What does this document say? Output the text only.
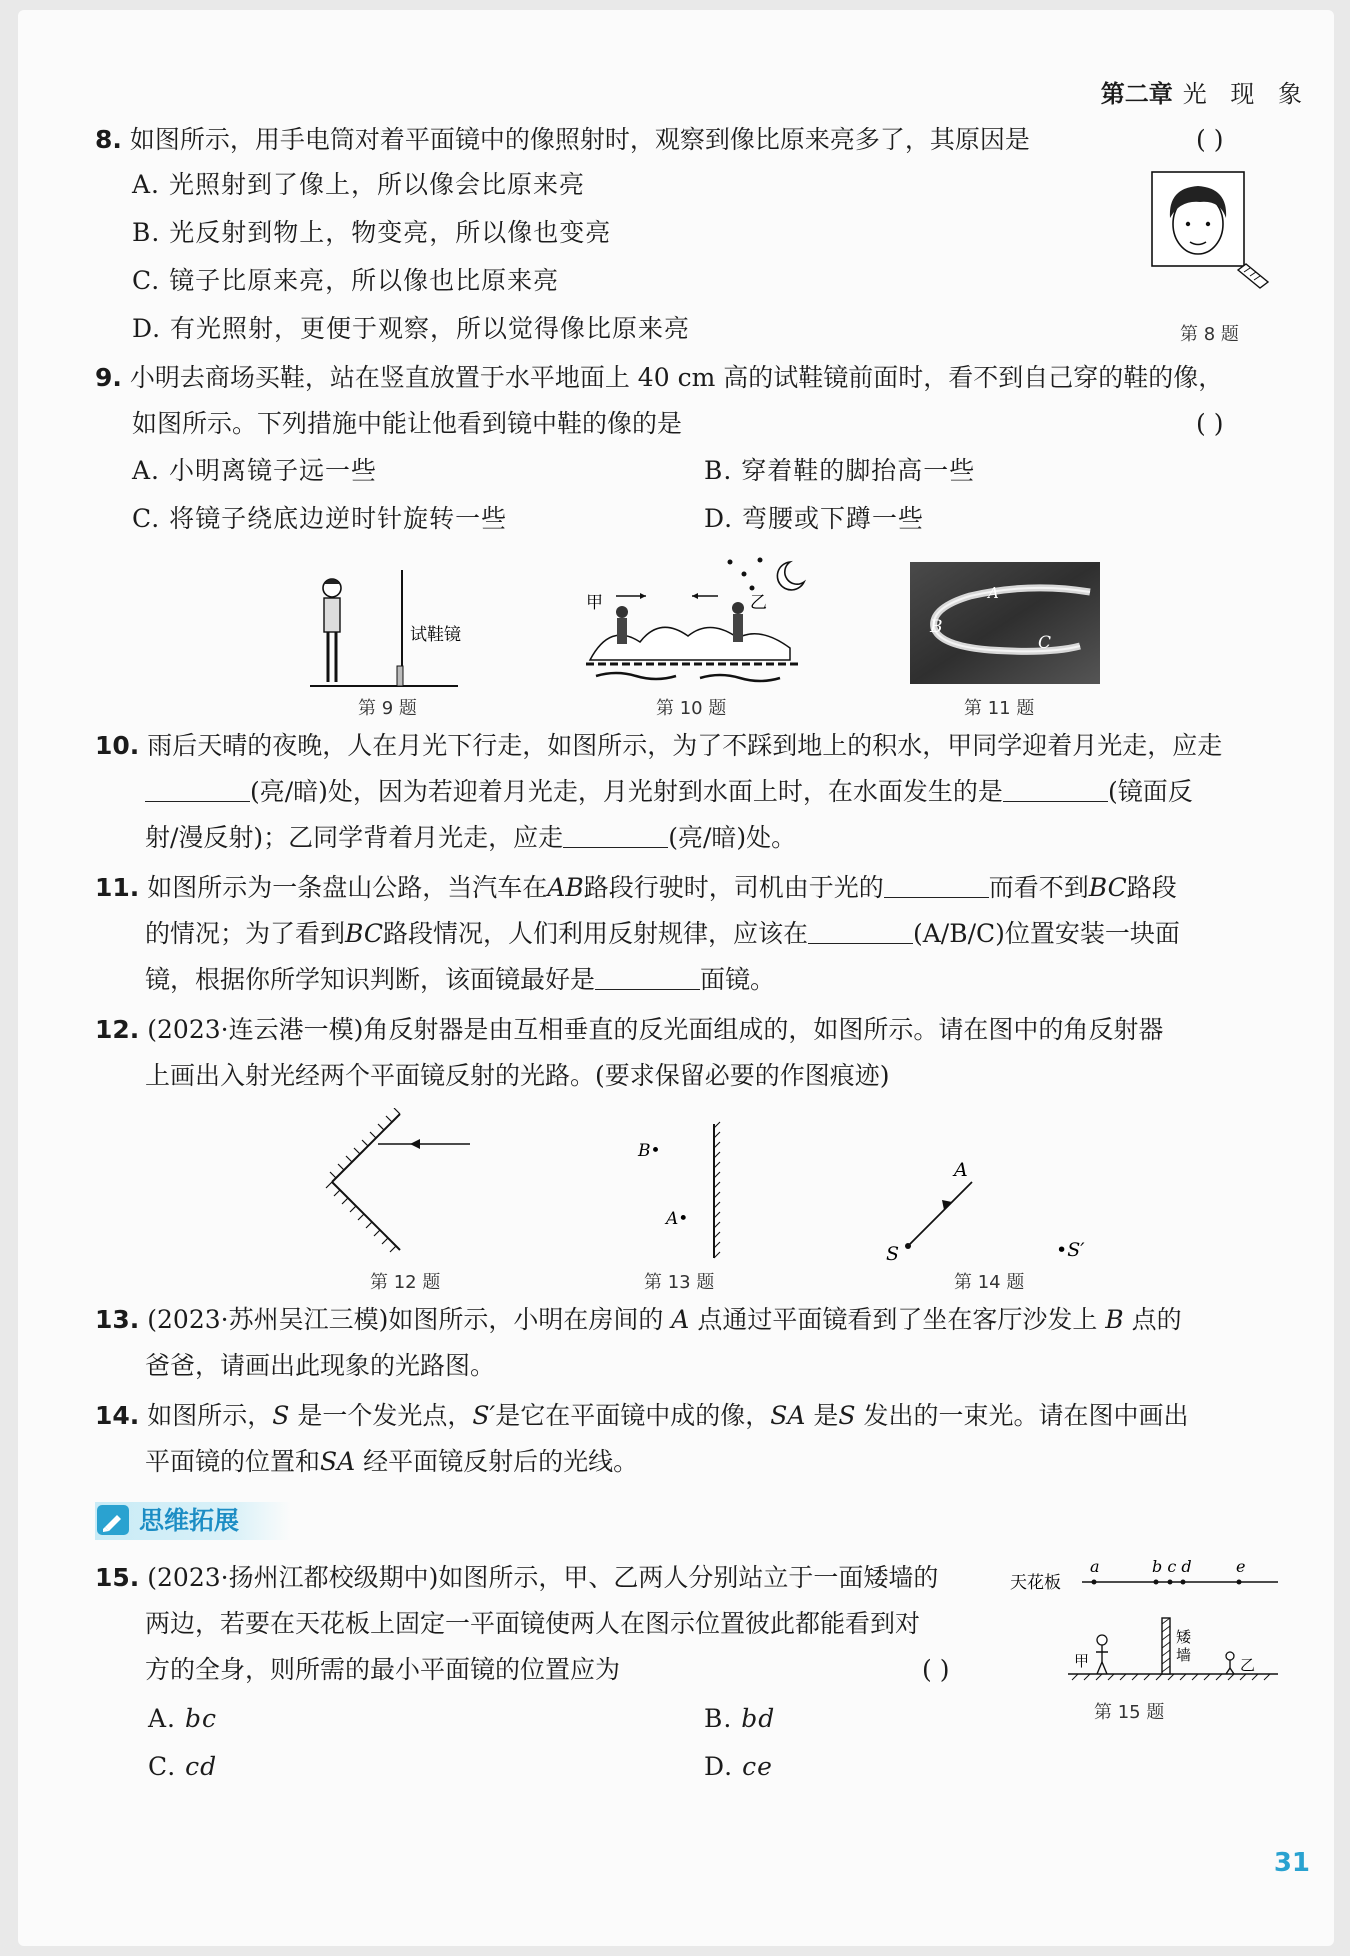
第二章 光 现 象
8. 如图所示，用手电筒对着平面镜中的像照射时，观察到像比原来亮多了，其原因是	( )
A. 光照射到了像上，所以像会比原来亮
B. 光反射到物上，物变亮，所以像也变亮
C. 镜子比原来亮，所以像也比原来亮
D. 有光照射，更便于观察，所以觉得像比原来亮	第 8 题
9. 小明去商场买鞋，站在竖直放置于水平地面上 40 cm 高的试鞋镜前面时，看不到自己穿的鞋的像，
如图所示。下列措施中能让他看到镜中鞋的像的是	( )
A. 小明离镜子远一些	B. 穿着鞋的脚抬高一些
C. 将镜子绕底边逆时针旋转一些	D. 弯腰或下蹲一些
试鞋镜
第 9 题
甲	乙
第 10 题
B
A
C
第 11 题
10. 雨后天晴的夜晚，人在月光下行走，如图所示，为了不踩到地上的积水，甲同学迎着月光走，应走
(亮/暗)处，因为若迎着月光走，月光射到水面上时，在水面发生的是	(镜面反
射/漫反射)；乙同学背着月光走，应走	(亮/暗)处。
11. 如图所示为一条盘山公路，当汽车在AB路段行驶时，司机由于光的	而看不到BC路段
的情况；为了看到BC路段情况，人们利用反射规律，应该在	(A/B/C)位置安装一块面
镜，根据你所学知识判断，该面镜最好是	面镜。
12. (2023·连云港一模)角反射器是由互相垂直的反光面组成的，如图所示。请在图中的角反射器
上画出入射光经两个平面镜反射的光路。(要求保留必要的作图痕迹)
第 12 题
B•
A•
第 13 题
A
S	•S′
第 14 题
13. (2023·苏州吴江三模)如图所示，小明在房间的 A 点通过平面镜看到了坐在客厅沙发上 B 点的
爸爸，请画出此现象的光路图。
14. 如图所示，S 是一个发光点，S′是它在平面镜中成的像，SA 是S 发出的一束光。请在图中画出
平面镜的位置和SA 经平面镜反射后的光线。
思维拓展
15. (2023·扬州江都校级期中)如图所示，甲、乙两人分别站立于一面矮墙的
两边，若要在天花板上固定一平面镜使两人在图示位置彼此都能看到对
方的全身，则所需的最小平面镜的位置应为	( )
A. bc	B. bd
C. cd	D. ce
天花板
a	b c d	e
矮
墙
甲	乙
第 15 题
31
